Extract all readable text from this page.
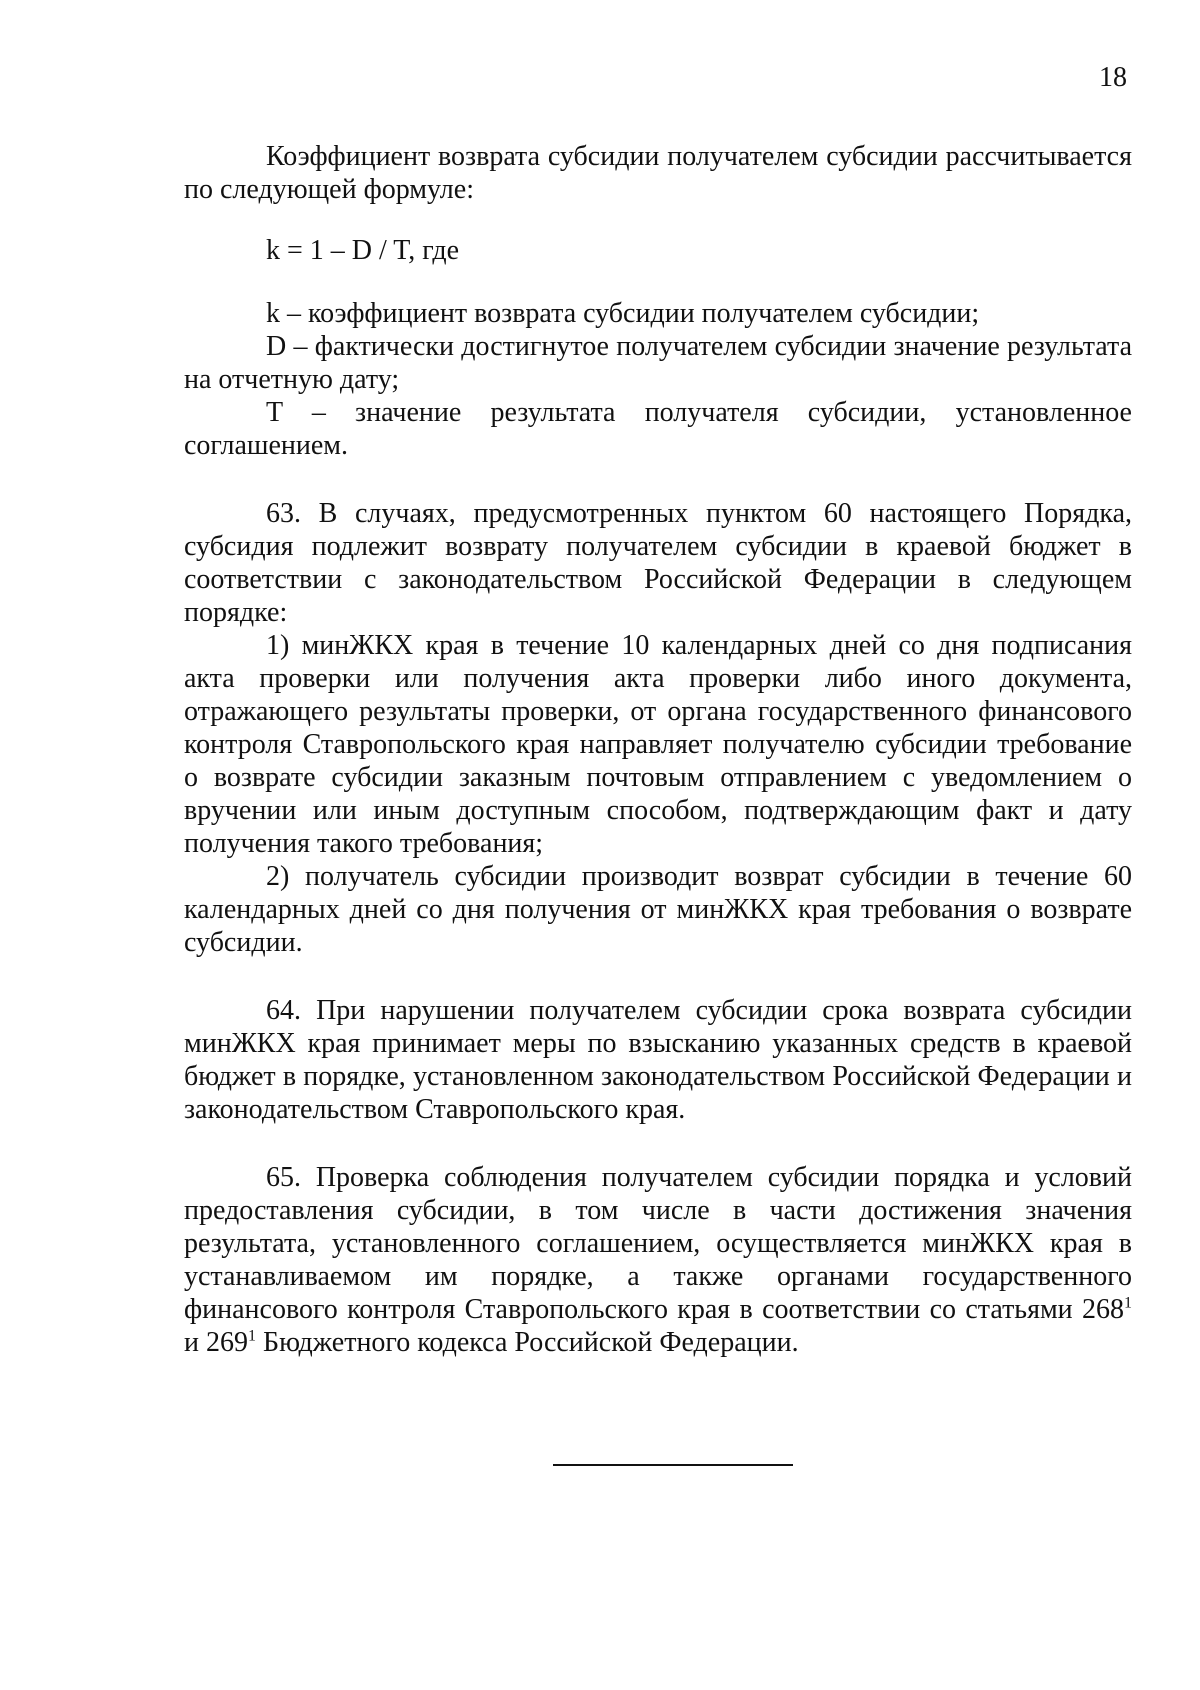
18

Коэффициент возврата субсидии получателем субсидии рассчитывается по следующей формуле:

k = 1 – D / T, где

k – коэффициент возврата субсидии получателем субсидии;

D – фактически достигнутое получателем субсидии значение результата на отчетную дату;

T – значение результата получателя субсидии, установленное соглашением.

63. В случаях, предусмотренных пунктом 60 настоящего Порядка, субсидия подлежит возврату получателем субсидии в краевой бюджет в соответствии с законодательством Российской Федерации в следующем порядке:

1) минЖКХ края в течение 10 календарных дней со дня подписания акта проверки или получения акта проверки либо иного документа, отражающего результаты проверки, от органа государственного финансового контроля Ставропольского края направляет получателю субсидии требование о возврате субсидии заказным почтовым отправлением с уведомлением о вручении или иным доступным способом, подтверждающим факт и дату получения такого требования;

2) получатель субсидии производит возврат субсидии в течение 60 календарных дней со дня получения от минЖКХ края требования о возврате субсидии.

64. При нарушении получателем субсидии срока возврата субсидии минЖКХ края принимает меры по взысканию указанных средств в краевой бюджет в порядке, установленном законодательством Российской Федерации и законодательством Ставропольского края.

65. Проверка соблюдения получателем субсидии порядка и условий предоставления субсидии, в том числе в части достижения значения результата, установленного соглашением, осуществляется минЖКХ края в устанавливаемом им порядке, а также органами государственного финансового контроля Ставропольского края в соответствии со статьями $268^1$ и $269^1$ Бюджетного кодекса Российской Федерации.
